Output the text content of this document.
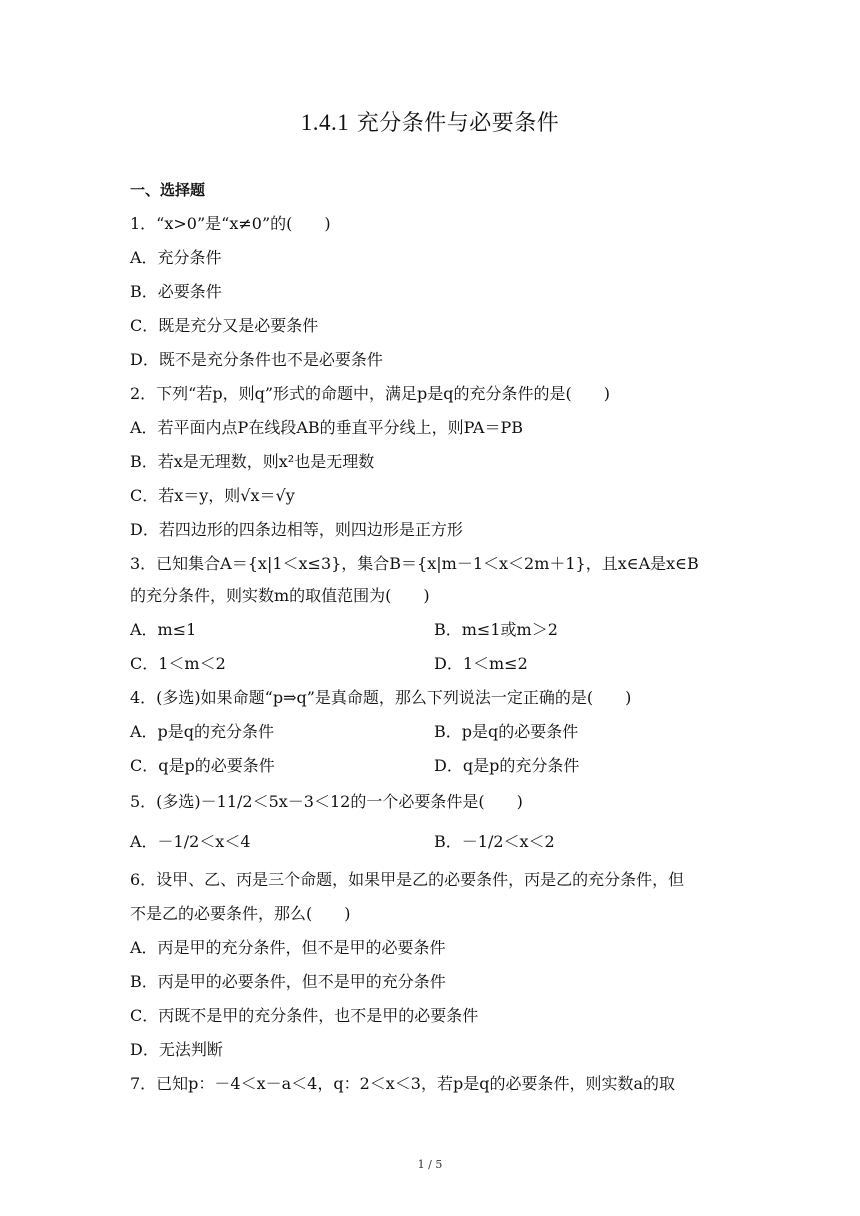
1.4.1 充分条件与必要条件
一、选择题
1．“x>0”是“x≠0”的(　　)
A．充分条件
B．必要条件
C．既是充分又是必要条件
D．既不是充分条件也不是必要条件
2．下列“若p，则q”形式的命题中，满足p是q的充分条件的是(　　)
A．若平面内点P在线段AB的垂直平分线上，则PA＝PB
B．若x是无理数，则x²也是无理数
C．若x＝y，则√x＝√y
D．若四边形的四条边相等，则四边形是正方形
3．已知集合A＝{x|1＜x≤3}，集合B＝{x|m－1＜x＜2m＋1}，且x∈A是x∈B
的充分条件，则实数m的取值范围为(　　)
A．m≤1	B．m≤1或m＞2
C．1＜m＜2	D．1＜m≤2
4．(多选)如果命题“p⇒q”是真命题，那么下列说法一定正确的是(　　)
A．p是q的充分条件	B．p是q的必要条件
C．q是p的必要条件	D．q是p的充分条件
5．(多选)－11/2＜5x－3＜12的一个必要条件是(　　)
A．－1/2＜x＜4	B．－1/2＜x＜2
6．设甲、乙、丙是三个命题，如果甲是乙的必要条件，丙是乙的充分条件，但
不是乙的必要条件，那么(　　)
A．丙是甲的充分条件，但不是甲的必要条件
B．丙是甲的必要条件，但不是甲的充分条件
C．丙既不是甲的充分条件，也不是甲的必要条件
D．无法判断
7．已知p：－4＜x－a＜4，q：2＜x＜3，若p是q的必要条件，则实数a的取
1 / 5
